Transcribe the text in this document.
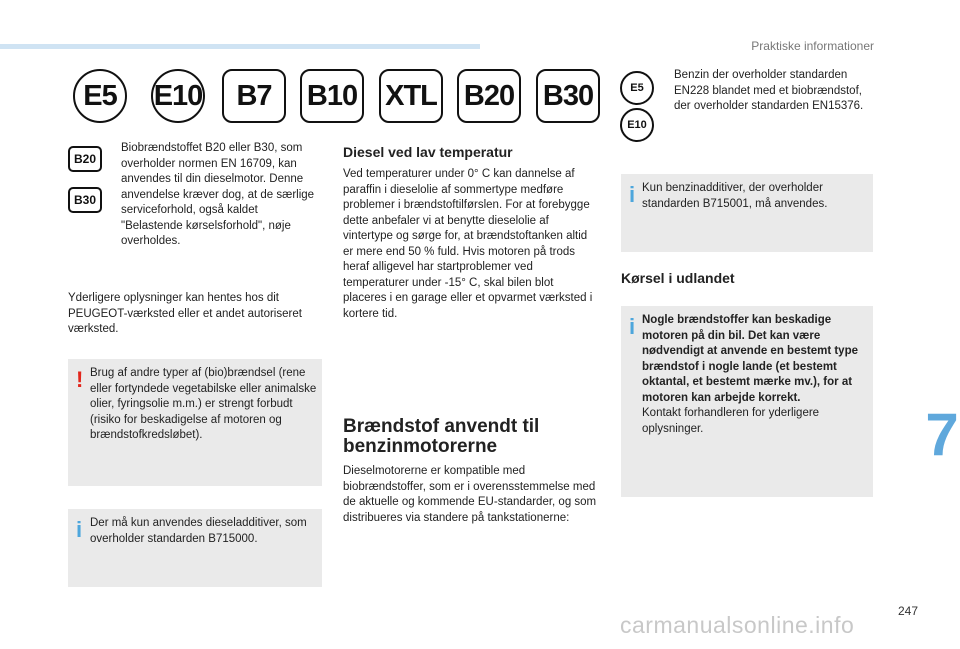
Praktiske informationer
E5	E10	B7	B10 XTL B20 B30
B20
B30
Biobrændstoffet B20 eller B30, som overholder normen EN 16709, kan anvendes til din dieselmotor. Denne anvendelse kræver dog, at de særlige serviceforhold, også kaldet "Belastende kørselsforhold", nøje overholdes.
Yderligere oplysninger kan hentes hos dit PEUGEOT-værksted eller et andet autoriseret værksted.
! Brug af andre typer af (bio)brændsel (rene eller fortyndede vegetabilske eller animalske olier, fyringsolie m.m.) er strengt forbudt (risiko for beskadigelse af motoren og brændstofkredsløbet).
i Der må kun anvendes dieseladditiver, som overholder standarden B715000.
Diesel ved lav temperatur
Ved temperaturer under 0° C kan dannelse af paraffin i dieselolie af sommertype medføre problemer i brændstoftilførslen. For at forebygge dette anbefaler vi at benytte dieselolie af vintertype og sørge for, at brændstoftanken altid er mere end 50 % fuld. Hvis motoren på trods heraf alligevel har startproblemer ved temperaturer under -15° C, skal bilen blot placeres i en garage eller et opvarmet værksted i kortere tid.
Brændstof anvendt til
benzinmotorerne
Dieselmotorerne er kompatible med biobrændstoffer, som er i overensstemmelse med de aktuelle og kommende EU-standarder, og som distribueres via standere på tankstationerne:
E5
E10
Benzin der overholder standarden EN228 blandet med et biobrændstof, der overholder standarden EN15376.
i Kun benzinadditiver, der overholder standarden B715001, må anvendes.
Kørsel i udlandet
i Nogle brændstoffer kan beskadige motoren på din bil. Det kan være nødvendigt at anvende en bestemt type brændstof i nogle lande (et bestemt oktantal, et bestemt mærke mv.), for at motoren kan arbejde korrekt.
Kontakt forhandleren for yderligere oplysninger.	7
247
carmanualsonline.info
